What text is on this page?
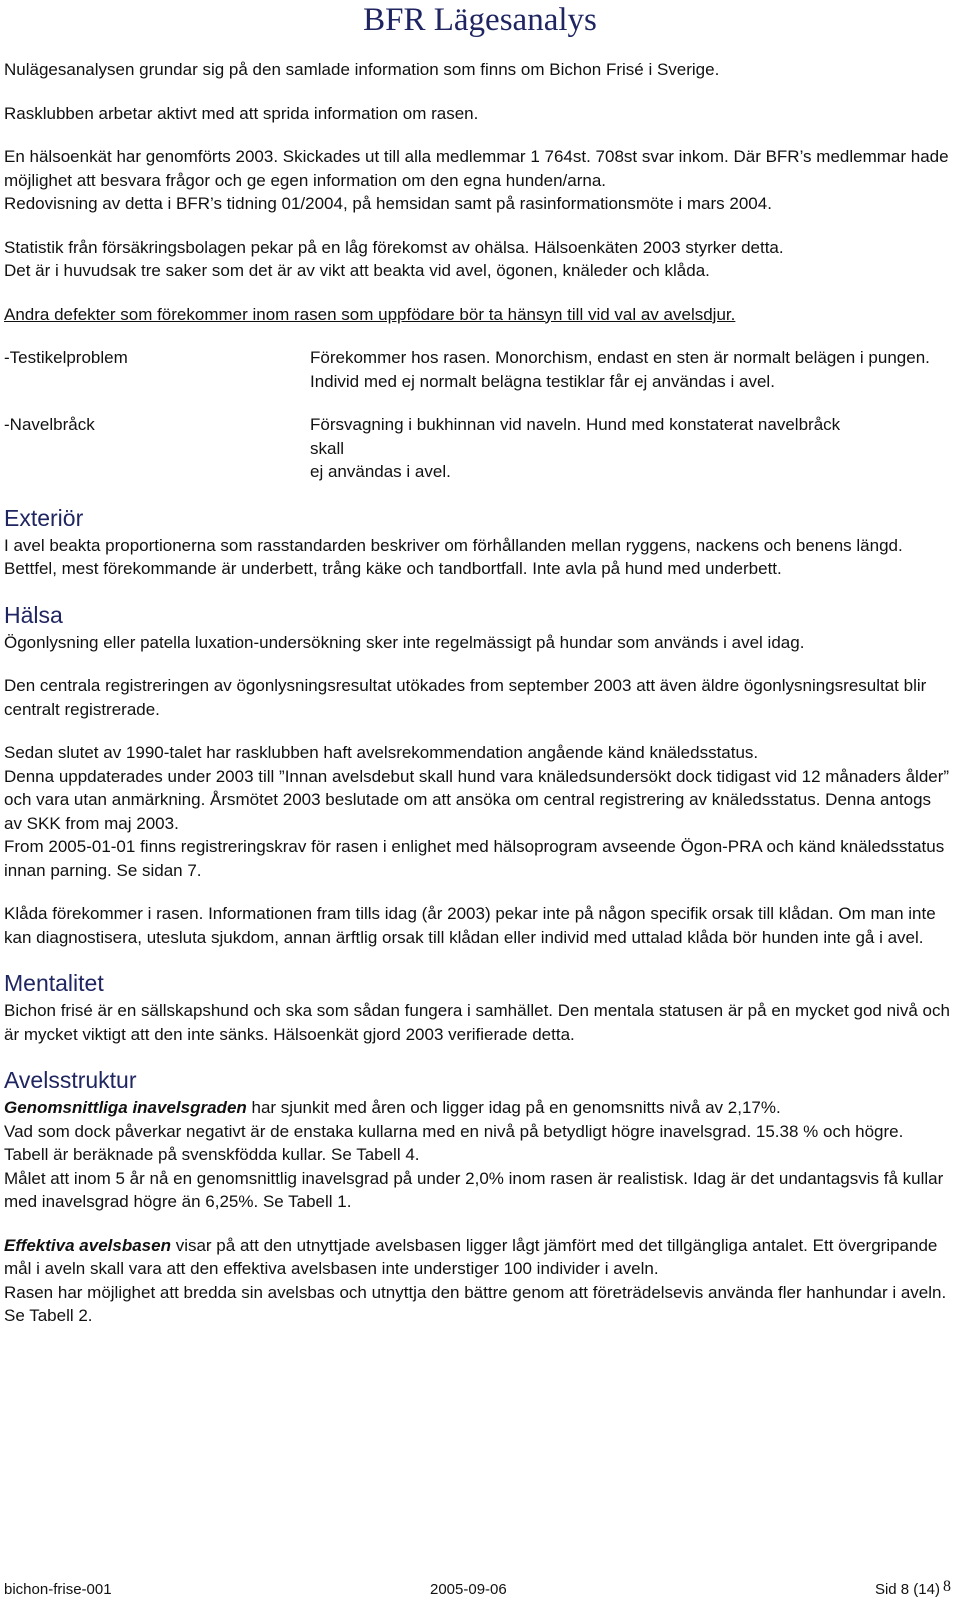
BFR Lägesanalys

Nulägesanalysen grundar sig på den samlade information som finns om Bichon Frisé i Sverige.

Rasklubben arbetar aktivt med att sprida information om rasen.

En hälsoenkät har genomförts 2003. Skickades ut till alla medlemmar 1 764st. 708st svar inkom. Där BFR’s medlemmar hade möjlighet att besvara frågor och ge egen information om den egna hunden/arna.

Redovisning av detta i BFR’s tidning 01/2004, på hemsidan samt på rasinformationsmöte i mars 2004.

Statistik från försäkringsbolagen pekar på en låg förekomst av ohälsa. Hälsoenkäten 2003 styrker detta.

Det är i huvudsak tre saker som det är av vikt att beakta vid avel, ögonen, knäleder och klåda.

Andra defekter som förekommer inom rasen som uppfödare bör ta hänsyn till vid val av avelsdjur.

-Testikelproblem	Förekommer hos rasen. Monorchism, endast en sten är normalt belägen i pungen. Individ med ej normalt belägna testiklar får ej användas i avel.
-Navelbråck	Försvagning i bukhinnan vid naveln. Hund med konstaterat navelbråck
skall
ej användas i avel.
Exteriör

I avel beakta proportionerna som rasstandarden beskriver om förhållanden mellan ryggens, nackens och benens längd. Bettfel, mest förekommande är underbett, trång käke och tandbortfall. Inte avla på hund med underbett.

Hälsa

Ögonlysning eller patella luxation-undersökning sker inte regelmässigt på hundar som används i avel idag.

Den centrala registreringen av ögonlysningsresultat utökades from september 2003 att även äldre ögonlysningsresultat blir centralt registrerade.

Sedan slutet av 1990-talet har rasklubben haft avelsrekommendation angående känd knäledsstatus.

Denna uppdaterades under 2003 till ”Innan avelsdebut skall hund vara knäledsundersökt dock tidigast vid 12 månaders ålder” och vara utan anmärkning. Årsmötet 2003 beslutade om att ansöka om central registrering av knäledsstatus. Denna antogs av SKK from maj 2003.

From 2005-01-01 finns registreringskrav för rasen i enlighet med hälsoprogram avseende Ögon-PRA och känd knäledsstatus innan parning. Se sidan 7.

Klåda förekommer i rasen. Informationen fram tills idag (år 2003) pekar inte på någon specifik orsak till klådan. Om man inte kan diagnostisera, utesluta sjukdom, annan ärftlig orsak till klådan eller individ med uttalad klåda bör hunden inte gå i avel.

Mentalitet

Bichon frisé är en sällskapshund och ska som sådan fungera i samhället. Den mentala statusen är på en mycket god nivå och är mycket viktigt att den inte sänks. Hälsoenkät gjord 2003 verifierade detta.

Avelsstruktur

Genomsnittliga inavelsgraden har sjunkit med åren och ligger idag på en genomsnitts nivå av 2,17%.

Vad som dock påverkar negativt är de enstaka kullarna med en nivå på betydligt högre inavelsgrad. 15.38 % och högre. Tabell är beräknade på svenskfödda kullar. Se Tabell 4.

Målet att inom 5 år nå en genomsnittlig inavelsgrad på under 2,0% inom rasen är realistisk. Idag är det undantagsvis få kullar med inavelsgrad högre än 6,25%. Se Tabell 1.

Effektiva avelsbasen visar på att den utnyttjade avelsbasen ligger lågt jämfört med det tillgängliga antalet. Ett övergripande mål i aveln skall vara att den effektiva avelsbasen inte understiger 100 individer i aveln.

Rasen har möjlighet att bredda sin avelsbas och utnyttja den bättre genom att företrädelsevis använda fler hanhundar i aveln. Se Tabell 2.

bichon-frise-001	2005-09-06	Sid 8 (14) 8
